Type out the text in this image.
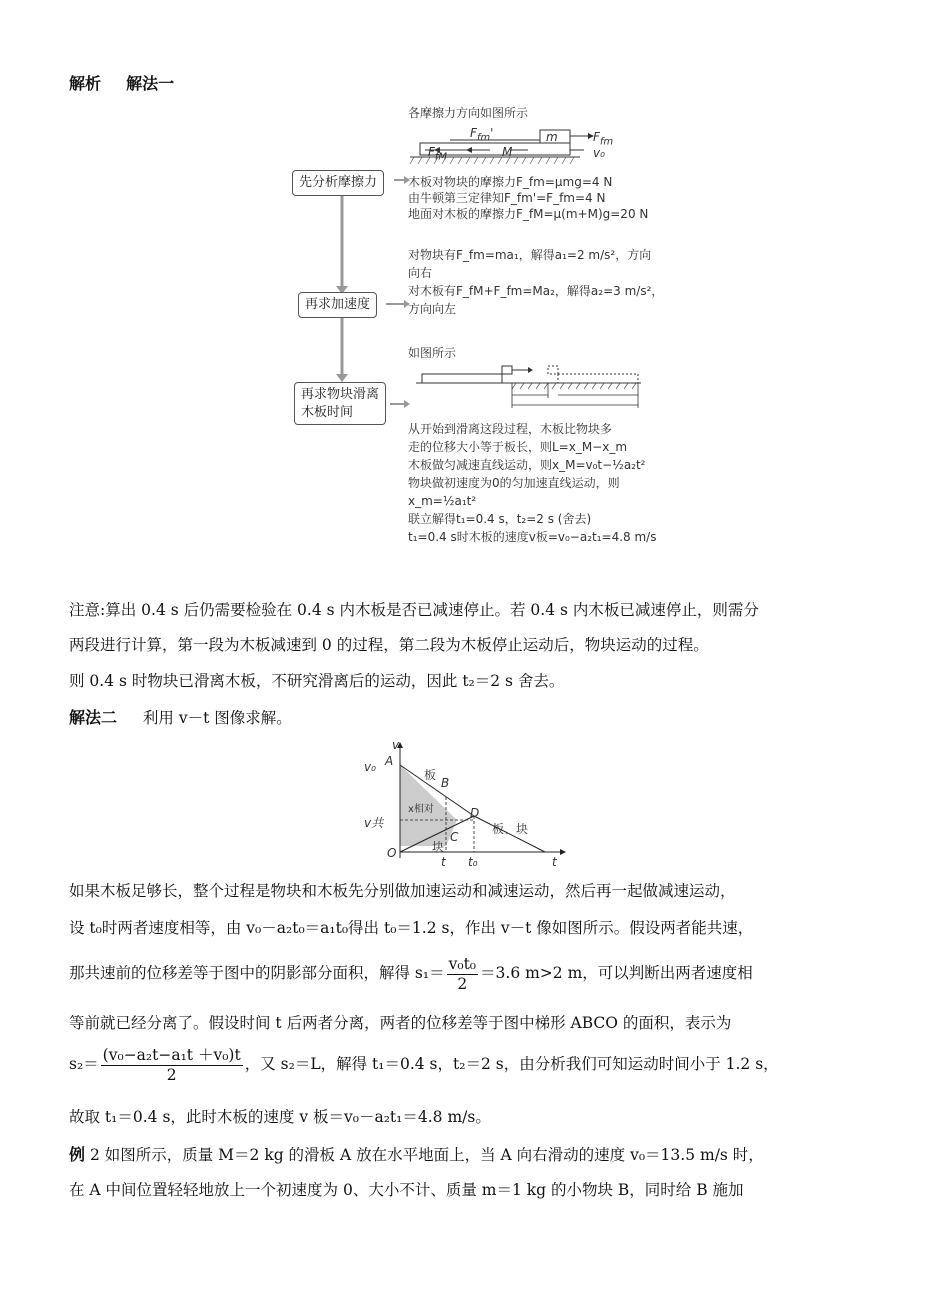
解析 解法一
各摩擦力方向如图所示
$F_{fm}'$	m	$F_{fm}$
M
$F_{fM}$	v₀
先分析摩擦力
再求加速度
再求物块滑离
木板时间
木板对物块的摩擦力F_fm=μmg=4 N
由牛顿第三定律知F_fm'=F_fm=4 N
地面对木板的摩擦力F_fM=μ(m+M)g=20 N
对物块有F_fm=ma₁，解得a₁=2 m/s²，方向
向右
对木板有F_fM+F_fm=Ma₂，解得a₂=3 m/s²，
方向向左
如图所示
从开始到滑离这段过程，木板比物块多
走的位移大小等于板长，则L=x_M−x_m
木板做匀减速直线运动，则x_M=v₀t−½a₂t²
物块做初速度为0的匀加速直线运动，则
x_m=½a₁t²
联立解得t₁=0.4 s，t₂=2 s (舍去)
t₁=0.4 s时木板的速度v板=v₀−a₂t₁=4.8 m/s
注意:算出 0.4 s 后仍需要检验在 0.4 s 内木板是否已减速停止。若 0.4 s 内木板已减速停止，则需分
两段进行计算，第一段为木板减速到 0 的过程，第二段为木板停止运动后，物块运动的过程。
则 0.4 s 时物块已滑离木板，不研究滑离后的运动，因此 t₂＝2 s 舍去。
解法二 利用 v－t 图像求解。
v
v₀
v共
O
t t₀	t
A
B
C
D
板
块
板、块
x相对
如果木板足够长，整个过程是物块和木板先分别做加速运动和减速运动，然后再一起做减速运动，
设 t₀时两者速度相等，由 v₀－a₂t₀＝a₁t₀得出 t₀＝1.2 s，作出 v－t 像如图所示。假设两者能共速，
那共速前的位移差等于图中的阴影部分面积，解得 $s_1= \frac{\text{v₀t₀}}{2} =3.6$ m>2 m，可以判断出两者速度相
等前就已经分离了。假设时间 t 后两者分离，两者的位移差等于图中梯形 ABCO 的面积，表示为
$s_2= \frac{\text{(v₀−a₂t−a₁t ＋v₀)t}}{2}$ ，又 s₂＝L，解得 t₁＝0.4 s，t₂＝2 s，由分析我们可知运动时间小于 1.2 s，
故取 t₁＝0.4 s，此时木板的速度 v 板＝v₀－a₂t₁＝4.8 m/s。
例 2 如图所示，质量 M＝2 kg 的滑板 A 放在水平地面上，当 A 向右滑动的速度 v₀＝13.5 m/s 时，
在 A 中间位置轻轻地放上一个初速度为 0、大小不计、质量 m＝1 kg 的小物块 B，同时给 B 施加
